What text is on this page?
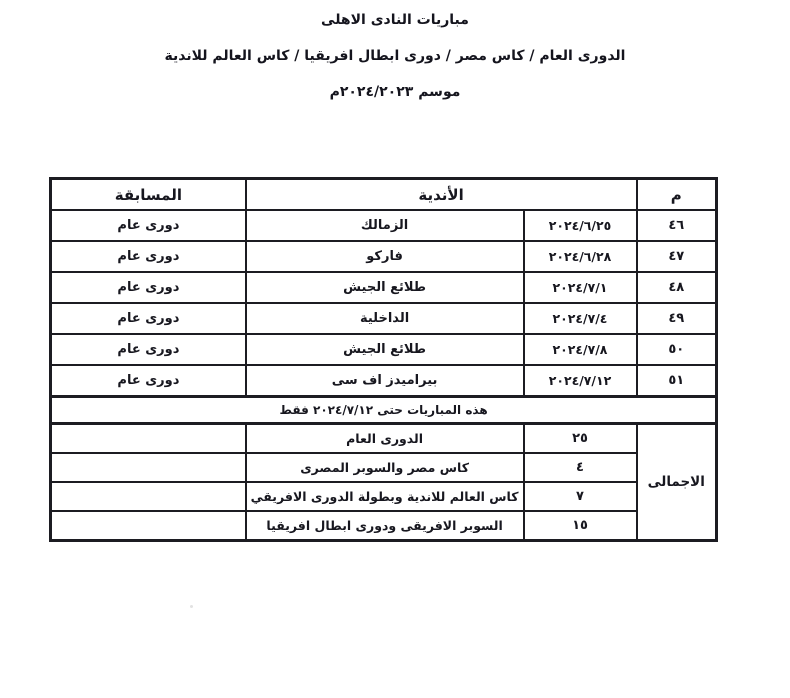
مباريات النادى الاهلى
الدورى العام / كاس مصر / دورى ابطال افريقيا / كاس العالم للاندية
موسم ٢٠٢٤/٢٠٢٣م
م	الأندية		المسابقة
٤٦	٢٠٢٤/٦/٢٥	الزمالك	دورى عام
٤٧	٢٠٢٤/٦/٢٨	فاركو	دورى عام
٤٨	٢٠٢٤/٧/١	طلائع الجيش	دورى عام
٤٩	٢٠٢٤/٧/٤	الداخلية	دورى عام
٥٠	٢٠٢٤/٧/٨	طلائع الجيش	دورى عام
٥١	٢٠٢٤/٧/١٢	بيراميدز اف سى	دورى عام
هذه المباريات حتى ٢٠٢٤/٧/١٢ فقط			
الاجمالى	٢٥	الدورى العام	
	٤	كاس مصر والسوبر المصرى	
	٧	كاس العالم للاندية وبطولة الدورى الافريقي	
	١٥	السوبر الافريقى ودورى ابطال افريقيا	
